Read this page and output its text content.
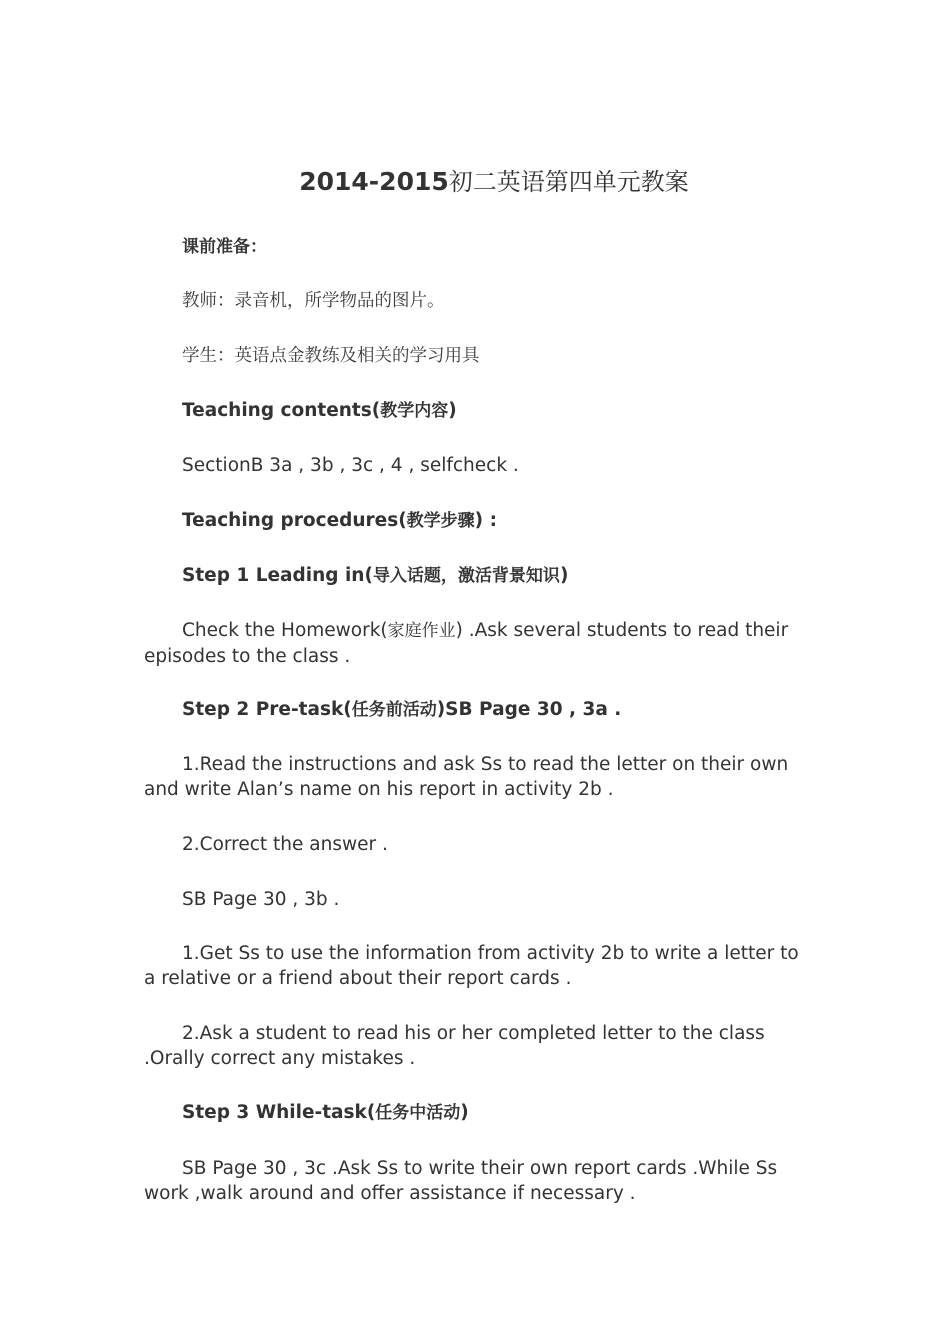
2014-2015初二英语第四单元教案

课前准备：

教师：录音机，所学物品的图片。

学生：英语点金教练及相关的学习用具

Teaching contents(教学内容)

SectionB 3a , 3b , 3c , 4 , selfcheck .

Teaching procedures(教学步骤) :

Step 1 Leading in(导入话题，激活背景知识)

Check the Homework(家庭作业) .Ask several students to read their episodes to the class .

Step 2 Pre-task(任务前活动)SB Page 30 , 3a .

1.Read the instructions and ask Ss to read the letter on their own and write Alan’s name on his report in activity 2b .

2.Correct the answer .

SB Page 30 , 3b .

1.Get Ss to use the information from activity 2b to write a letter to a relative or a friend about their report cards .

2.Ask a student to read his or her completed letter to the class .Orally correct any mistakes .

Step 3 While-task(任务中活动)

SB Page 30 , 3c .Ask Ss to write their own report cards .While Ss work ,walk around and offer assistance if necessary .
